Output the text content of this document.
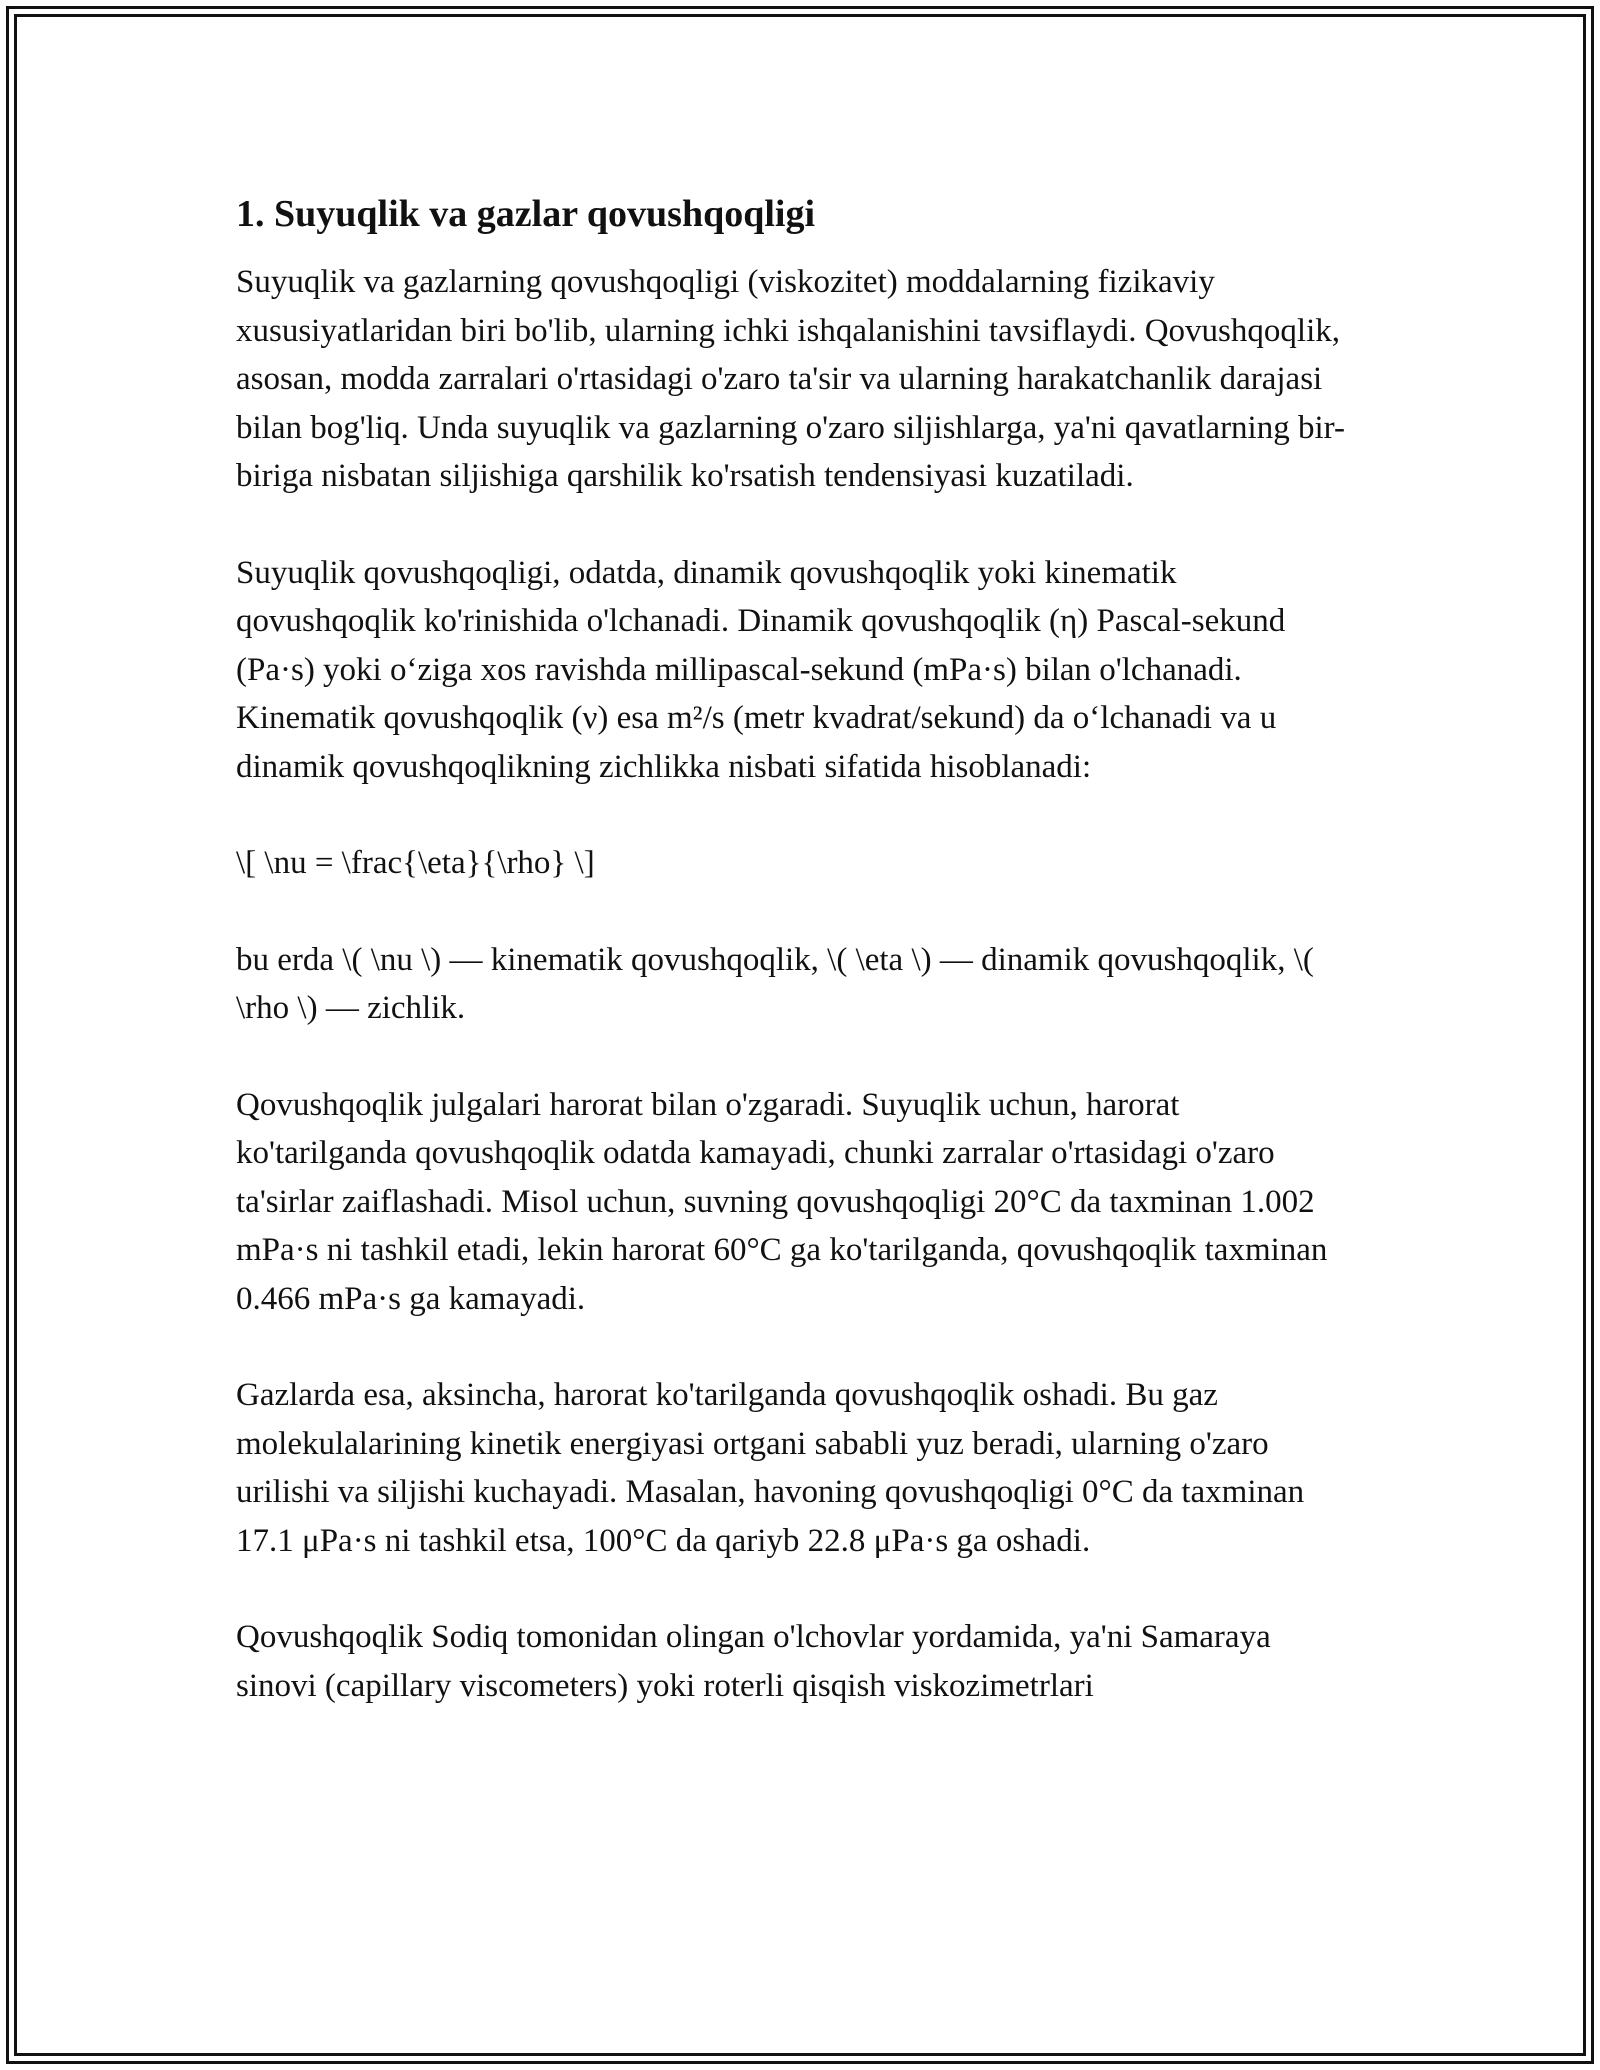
1. Suyuqlik va gazlar qovushqoqligi

Suyuqlik va gazlarning qovushqoqligi (viskozitet) moddalarning fizikaviy xususiyatlaridan biri bo'lib, ularning ichki ishqalanishini tavsiflaydi. Qovushqoqlik, asosan, modda zarralari o'rtasidagi o'zaro ta'sir va ularning harakatchanlik darajasi bilan bog'liq. Unda suyuqlik va gazlarning o'zaro siljishlarga, ya'ni qavatlarning bir-biriga nisbatan siljishiga qarshilik ko'rsatish tendensiyasi kuzatiladi.

Suyuqlik qovushqoqligi, odatda, dinamik qovushqoqlik yoki kinematik qovushqoqlik ko'rinishida o'lchanadi. Dinamik qovushqoqlik (η) Pascal-sekund (Pa·s) yoki o‘ziga xos ravishda millipascal-sekund (mPa·s) bilan o'lchanadi. Kinematik qovushqoqlik (ν) esa m²/s (metr kvadrat/sekund) da o‘lchanadi va u dinamik qovushqoqlikning zichlikka nisbati sifatida hisoblanadi:

\[ \nu = \frac{\eta}{\rho} \]

bu erda \( \nu \) — kinematik qovushqoqlik, \( \eta \) — dinamik qovushqoqlik, \( \rho \) — zichlik.

Qovushqoqlik julgalari harorat bilan o'zgaradi. Suyuqlik uchun, harorat ko'tarilganda qovushqoqlik odatda kamayadi, chunki zarralar o'rtasidagi o'zaro ta'sirlar zaiflashadi. Misol uchun, suvning qovushqoqligi 20°C da taxminan 1.002 mPa·s ni tashkil etadi, lekin harorat 60°C ga ko'tarilganda, qovushqoqlik taxminan 0.466 mPa·s ga kamayadi.

Gazlarda esa, aksincha, harorat ko'tarilganda qovushqoqlik oshadi. Bu gaz molekulalarining kinetik energiyasi ortgani sababli yuz beradi, ularning o'zaro urilishi va siljishi kuchayadi. Masalan, havoning qovushqoqligi 0°C da taxminan 17.1 μPa·s ni tashkil etsa, 100°C da qariyb 22.8 μPa·s ga oshadi.

Qovushqoqlik Sodiq tomonidan olingan o'lchovlar yordamida, ya'ni Samaraya sinovi (capillary viscometers) yoki roterli qisqish viskozimetrlari
